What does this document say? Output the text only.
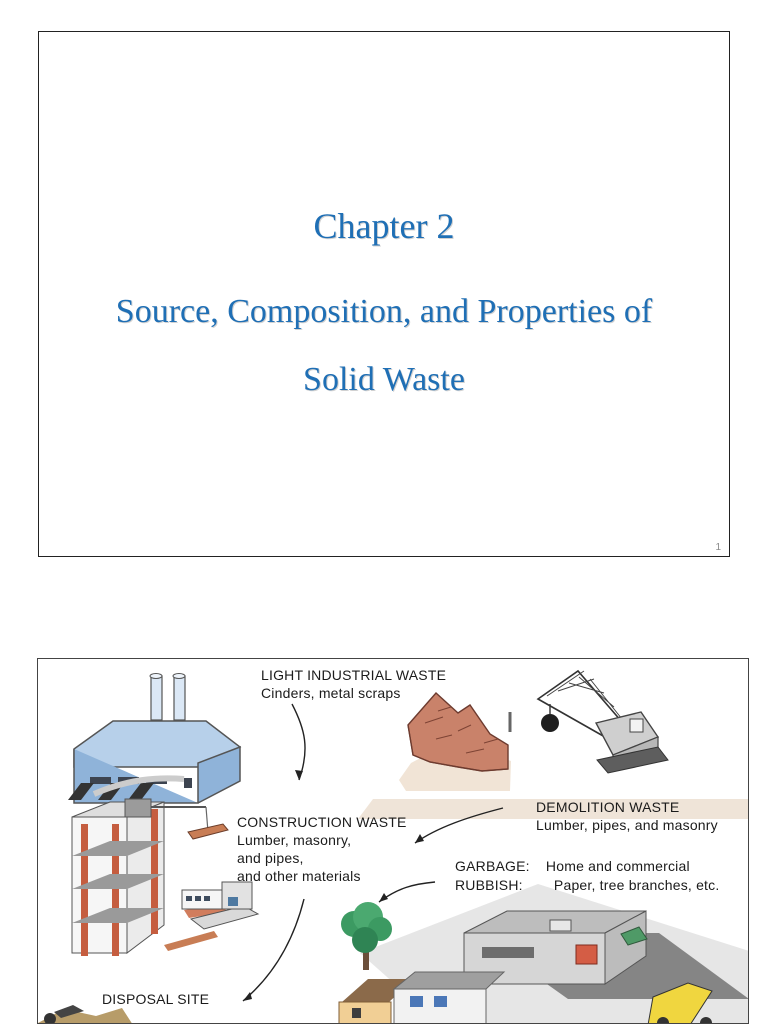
Chapter 2
Source, Composition, and Properties of
Solid Waste
1
LIGHT INDUSTRIAL WASTE
Cinders, metal scraps
DEMOLITION WASTE
Lumber, pipes, and masonry
CONSTRUCTION WASTE
Lumber, masonry,
and pipes,
and other materials
GARBAGE: Home and commercial
RUBBISH: Paper, tree branches, etc.
DISPOSAL SITE
